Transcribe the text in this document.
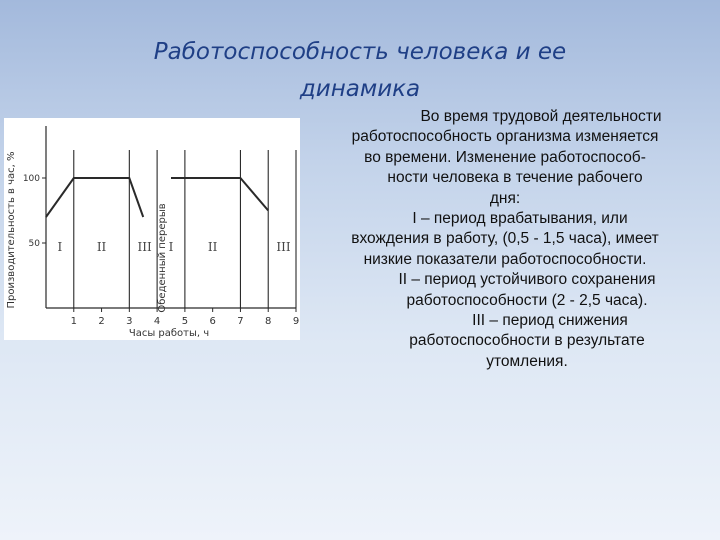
Работоспособность человека и ее
динамика
100
50
1 2 3 4 5 6 7 8 9
I	II	III I	II	III
Обеденный перерыв
Производительность в час, %
Часы работы, ч
Во время трудовой деятельности
работоспособность организма изменяется
во времени. Изменение работоспособ-
ности человека в течение рабочего
дня:
I – период врабатывания, или
вхождения в работу, (0,5 - 1,5 часа), имеет
низкие показатели работоспособности.
II – период устойчивого сохранения
работоспособности (2 - 2,5 часа).
III – период снижения
работоспособности в результате
утомления.
